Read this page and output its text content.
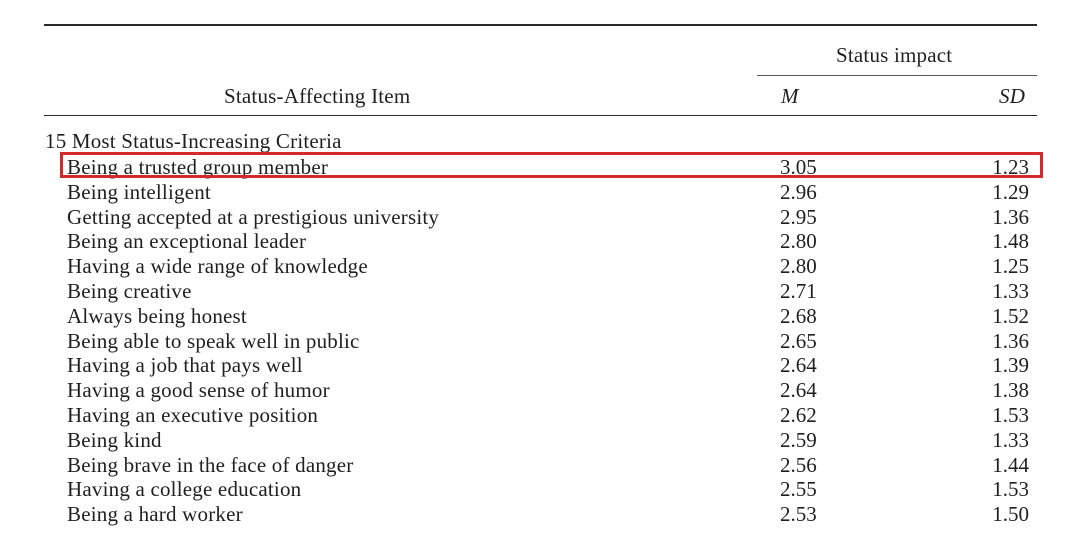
Status impact
Status-Affecting Item	M	SD
15 Most Status-Increasing Criteria
Being a trusted group member	3.05	1.23
Being intelligent	2.96	1.29
Getting accepted at a prestigious university	2.95	1.36
Being an exceptional leader	2.80	1.48
Having a wide range of knowledge	2.80	1.25
Being creative	2.71	1.33
Always being honest	2.68	1.52
Being able to speak well in public	2.65	1.36
Having a job that pays well	2.64	1.39
Having a good sense of humor	2.64	1.38
Having an executive position	2.62	1.53
Being kind	2.59	1.33
Being brave in the face of danger	2.56	1.44
Having a college education	2.55	1.53
Being a hard worker	2.53	1.50
